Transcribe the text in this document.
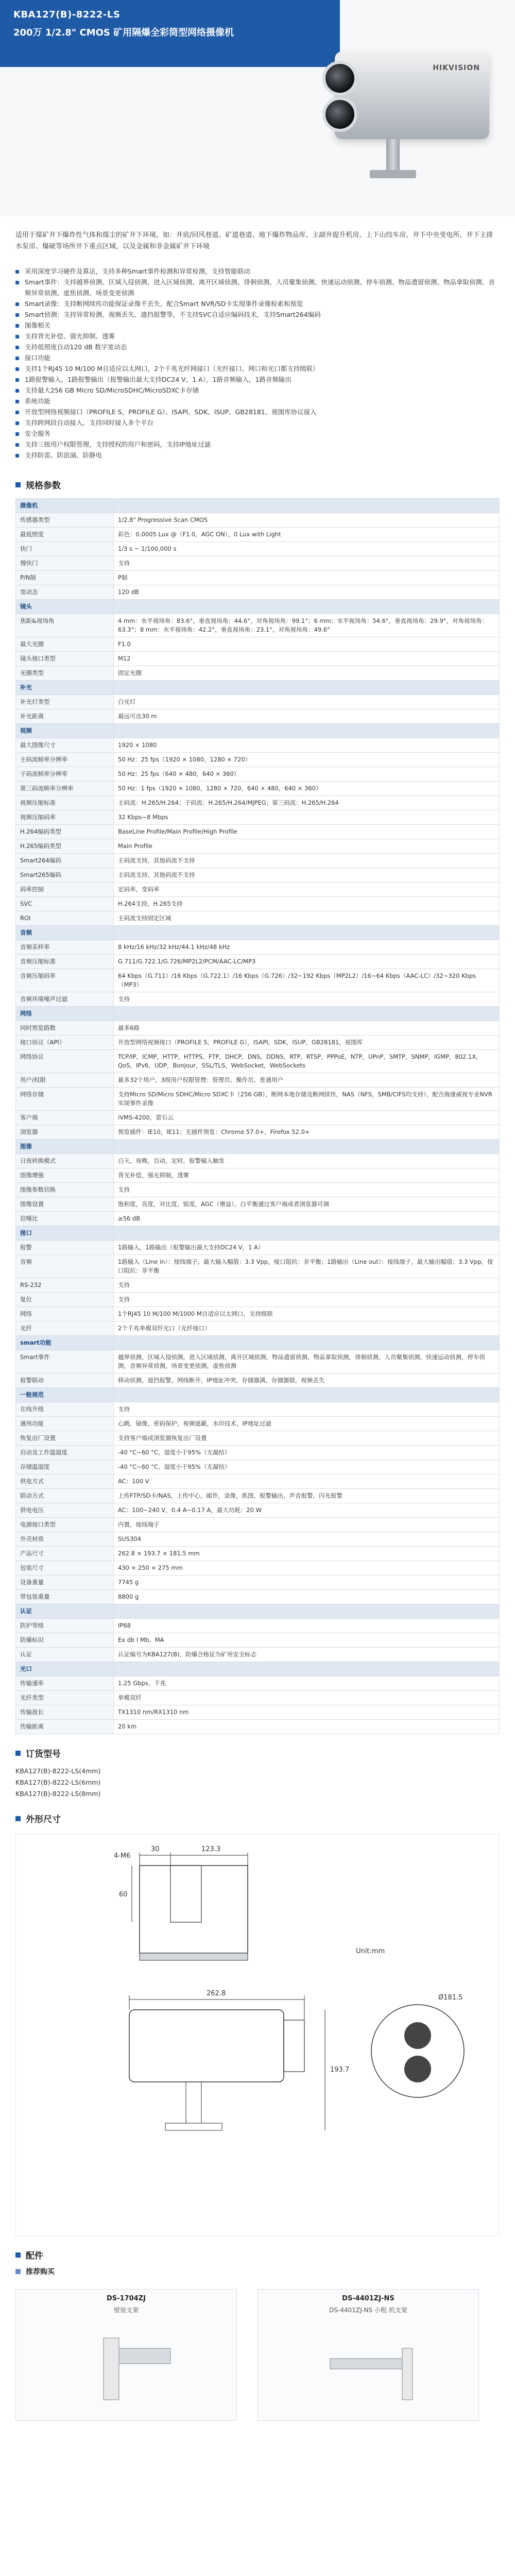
KBA127(B)-8222-LS
200万 1/2.8" CMOS 矿用隔爆全彩筒型网络摄像机
HIKVISION

适用于煤矿井下爆炸性气体和煤尘的矿井下环境。如：井底/回风巷道、矿道巷道、地下爆炸物品库、主副井提升机房、上下山绞车房、井下中央变电所、井下主排水泵房、爆破等场所井下重点区域，以及金属和非金属矿井下环境

采用深度学习硬件及算法，支持多种Smart事件检测和异常检测，支持智能联动
Smart事件：支持越界侦测、区域入侵侦测、进入区域侦测、离开区域侦测、徘徊侦测、人员聚集侦测、快速运动侦测、停车侦测、物品遗留侦测、物品拿取侦测、音频异常侦测、虚焦侦测、场景变更侦测
Smart录像：支持断网续传功能保证录像不丢失，配合Smart NVR/SD卡实现事件录像检索和预览
Smart侦测：支持异常检测、视频丢失、遮挡报警等，不支持SVC自适应编码技术，支持Smart264编码
图像相关
支持背光补偿、强光抑制、透雾
支持低照度自动120 dB 数字宽动态
接口功能
支持1个RJ45 10 M/100 M自适应以太网口，2个千兆光纤网接口（光纤接口，网口和光口都支持级联）
1路报警输入，1路报警输出（报警输出最大支持DC24 V，1 A），1路音频输入，1路音频输出
支持最大256 GB Micro SD/MicroSDHC/MicroSDXC卡存储
系统功能
开放型网络视频接口（PROFILE S，PROFILE G）、ISAPI、SDK、ISUP、GB28181、视图库协议接入
支持跨网段自动接入，支持同时接入多个平台
安全服务
支持三级用户权限管理，支持授权的用户和密码，支持IP地址过滤
支持防雷、防浪涌、防静电
规格参数
摄像机	
传感器类型	1/2.8" Progressive Scan CMOS
最低照度	彩色：0.0005 Lux @（F1.0，AGC ON），0 Lux with Light
快门	1/3 s ~ 1/100,000 s
慢快门	支持
P/N制	P制
宽动态	120 dB
镜头	
焦距&视场角	4 mm：水平视场角：83.6°，垂直视场角：44.6°，对角视场角：99.1°；6 mm：水平视场角：54.6°，垂直视场角：29.9°，对角视场角：63.3°；8 mm：水平视场角：42.2°，垂直视场角：23.1°，对角视场角：49.6°
最大光圈	F1.0
镜头接口类型	M12
光圈类型	固定光圈
补光	
补光灯类型	白光灯
补光距离	最远可达30 m
视频	
最大图像尺寸	1920 × 1080
主码流帧率分辨率	50 Hz：25 fps（1920 × 1080，1280 × 720）
子码流帧率分辨率	50 Hz：25 fps（640 × 480，640 × 360）
第三码流帧率分辨率	50 Hz：1 fps（1920 × 1080，1280 × 720，640 × 480，640 × 360）
视频压缩标准	主码流：H.265/H.264；子码流：H.265/H.264/MJPEG；第三码流：H.265/H.264
视频压缩码率	32 Kbps~8 Mbps
H.264编码类型	BaseLine Profile/Main Profile/High Profile
H.265编码类型	Main Profile
Smart264编码	主码流支持，其他码流不支持
Smart265编码	主码流支持，其他码流不支持
码率控制	定码率，变码率
SVC	H.264支持，H.265支持
ROI	主码流支持固定区域
音频	
音频采样率	8 kHz/16 kHz/32 kHz/44.1 kHz/48 kHz
音频压缩标准	G.711/G.722.1/G.726/MP2L2/PCM/AAC-LC/MP3
音频压缩码率	64 Kbps（G.711）/16 Kbps（G.722.1）/16 Kbps（G.726）/32~192 Kbps（MP2L2）/16~64 Kbps（AAC-LC）/32~320 Kbps（MP3）
音频环境噪声过滤	支持
网络	
同时预览路数	最多6路
接口协议（API）	开放型网络视频接口（PROFILE S，PROFILE G），ISAPI，SDK，ISUP，GB28181，视图库
网络协议	TCP/IP，ICMP，HTTP，HTTPS，FTP，DHCP，DNS，DDNS，RTP，RTSP，PPPoE，NTP，UPnP，SMTP，SNMP，IGMP，802.1X，QoS，IPv6，UDP，Bonjour，SSL/TLS，WebSocket，WebSockets
用户/权限	最多32个用户，3级用户权限管理：管理员、操作员、普通用户
网络存储	支持Micro SD/Micro SDHC/Micro SDXC卡（256 GB），断网本地存储及断网续传，NAS（NFS，SMB/CIFS均支持），配合海康威视专业NVR实现事件录像
客户端	iVMS-4200，萤石云
浏览器	预览插件：IE10，IE11；无插件预览：Chrome 57.0+，Firefox 52.0+
图像	
日夜转换模式	白天，夜晚，自动，定时，报警输入触发
图像增强	背光补偿，强光抑制，透雾
图像参数切换	支持
图像设置	饱和度，亮度，对比度，锐度，AGC（增益），白平衡通过客户端或者浏览器可调
信噪比	≥56 dB
接口	
报警	1路输入，1路输出（报警输出最大支持DC24 V，1 A）
音频	1路输入（Line in）：接线端子，最大输入幅值：3.3 Vpp，接口阻抗：非平衡；1路输出（Line out）：接线端子，最大输出幅值：3.3 Vpp，接口阻抗：非平衡
RS-232	支持
复位	支持
网络	1个RJ45 10 M/100 M/1000 M自适应以太网口，支持级联
光纤	2个千兆单模双纤光口（光纤接口）
smart功能	
Smart事件	越界侦测，区域入侵侦测，进入区域侦测，离开区域侦测，物品遗留侦测，物品拿取侦测，徘徊侦测，人员聚集侦测，快速运动侦测，停车侦测，音频异常侦测，场景变更侦测，虚焦侦测
报警联动	移动侦测，遮挡报警，网线断开，IP地址冲突，存储器满，存储器错，视频丢失
一般规范	
在线升级	支持
通用功能	心跳，镜像，密码保护，视频遮蔽，水印技术，IP地址过滤
恢复出厂设置	支持客户端或浏览器恢复出厂设置
启动及工作温湿度	-40 °C~60 °C，湿度小于95%（无凝结）
存储温湿度	-40 °C~60 °C，湿度小于95%（无凝结）
供电方式	AC：100 V
联动方式	上传FTP/SD卡/NAS，上传中心，邮件，录像，抓图，报警输出，声音报警，闪光报警
供电电压	AC：100~240 V，0.4 A~0.17 A，最大功耗：20 W
电源接口类型	内置，接线端子
外壳材质	SUS304
产品尺寸	262.8 × 193.7 × 181.5 mm
包装尺寸	430 × 250 × 275 mm
设备重量	7745 g
带包装重量	8800 g
认证	
防护等级	IP68
防爆标识	Ex db I Mb，MA
认证	认证编号为KBA127(B)，防爆合格证为矿用安全标志
光口	
传输速率	1.25 Gbps，千兆
光纤类型	单模双纤
传输波长	TX1310 nm/RX1310 nm
传输距离	20 km
订货型号
KBA127(B)-8222-LS(4mm)
KBA127(B)-8222-LS(6mm)
KBA127(B)-8222-LS(8mm)
外形尺寸
4-M6
30	123.3
60
Unit:mm
262.8
193.7
Ø181.5
配件
推荐购买
DS-1704ZJ
壁装支架
DS-4401ZJ-NS
DS-4401ZJ-NS 小粗 机支架
